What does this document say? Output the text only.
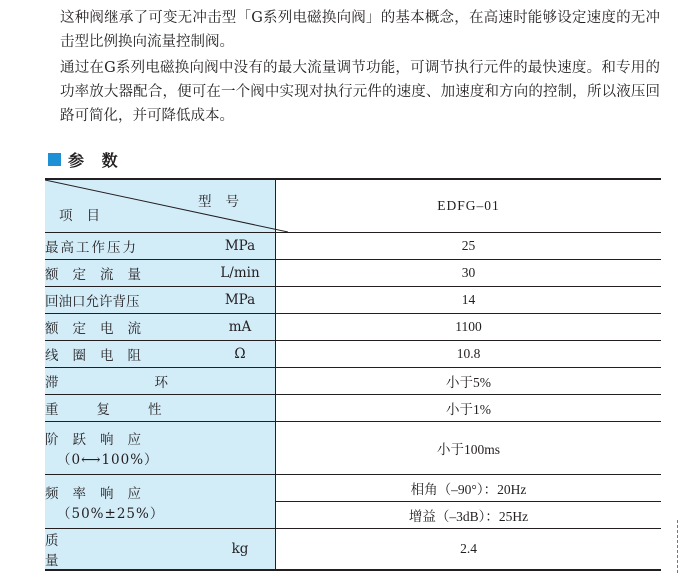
这种阀继承了可变无冲击型「G系列电磁换向阀」的基本概念，在高速时能够设定速度的无冲击型比例换向流量控制阀。

通过在G系列电磁换向阀中没有的最大流量调节功能，可调节执行元件的最快速度。和专用的功率放大器配合，便可在一个阀中实现对执行元件的速度、加速度和方向的控制，所以液压回路可简化，并可降低成本。

参 数
型号
项目		EDFG–01
最高工作压力	MPa	25
额定流量	L/min	30
回油口允许背压	MPa	14
额定电流	mA	1100
线圈电阻	Ω	10.8
滞环		小于5%
重复性		小于1%
阶跃响应
（0⟷100%）		小于100ms
频率响应
（50%±25%）		相角（–90°）：20Hz
		增益（–3dB）：25Hz
质量	kg	2.4
